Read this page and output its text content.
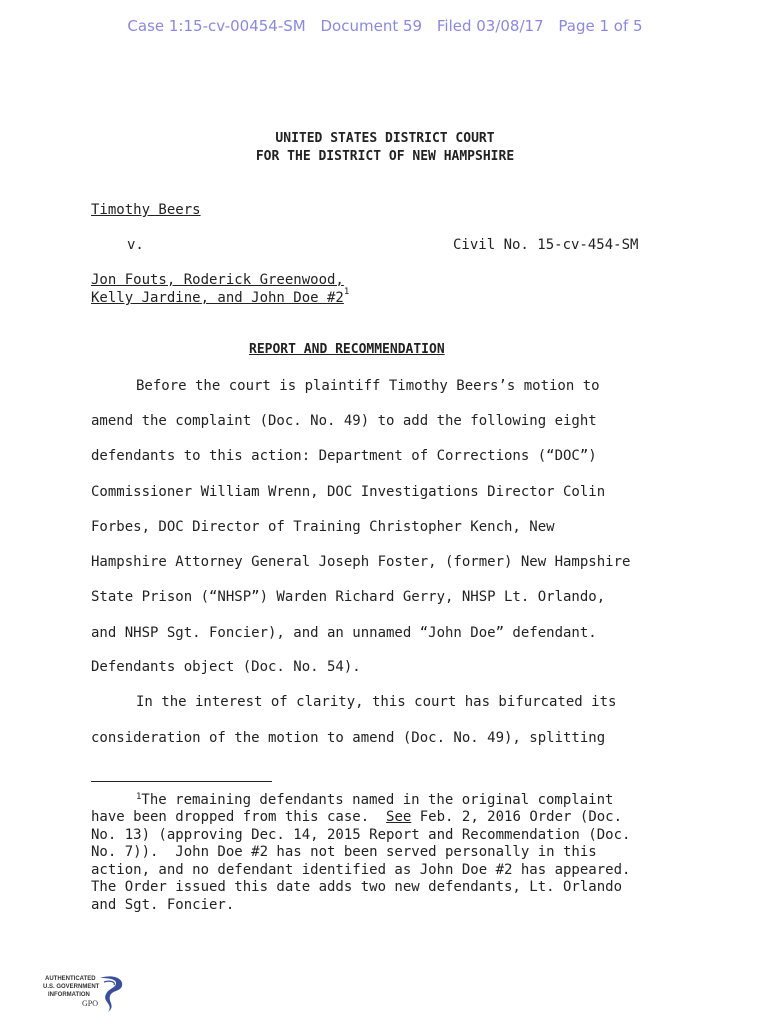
Case 1:15-cv-00454-SM Document 59 Filed 03/08/17 Page 1 of 5
UNITED STATES DISTRICT COURT
FOR THE DISTRICT OF NEW HAMPSHIRE
Timothy Beers
v.	Civil No. 15-cv-454-SM
Jon Fouts, Roderick Greenwood,
Kelly Jardine, and John Doe $\#2^1$
REPORT AND RECOMMENDATION
Before the court is plaintiff Timothy Beers’s motion to
amend the complaint (Doc. No. 49) to add the following eight
defendants to this action: Department of Corrections (“DOC”)
Commissioner William Wrenn, DOC Investigations Director Colin
Forbes, DOC Director of Training Christopher Kench, New
Hampshire Attorney General Joseph Foster, (former) New Hampshire
State Prison (“NHSP”) Warden Richard Gerry, NHSP Lt. Orlando,
and NHSP Sgt. Foncier), and an unnamed “John Doe” defendant.
Defendants object (Doc. No. 54).
In the interest of clarity, this court has bifurcated its
consideration of the motion to amend (Doc. No. 49), splitting
$^1$The remaining defendants named in the original complaint
have been dropped from this case.  See Feb. 2, 2016 Order (Doc.
No. 13) (approving Dec. 14, 2015 Report and Recommendation (Doc.
No. 7)).  John Doe #2 has not been served personally in this
action, and no defendant identified as John Doe #2 has appeared.
The Order issued this date adds two new defendants, Lt. Orlando
and Sgt. Foncier.
AUTHENTICATED
U.S. GOVERNMENT
INFORMATION
GPO
